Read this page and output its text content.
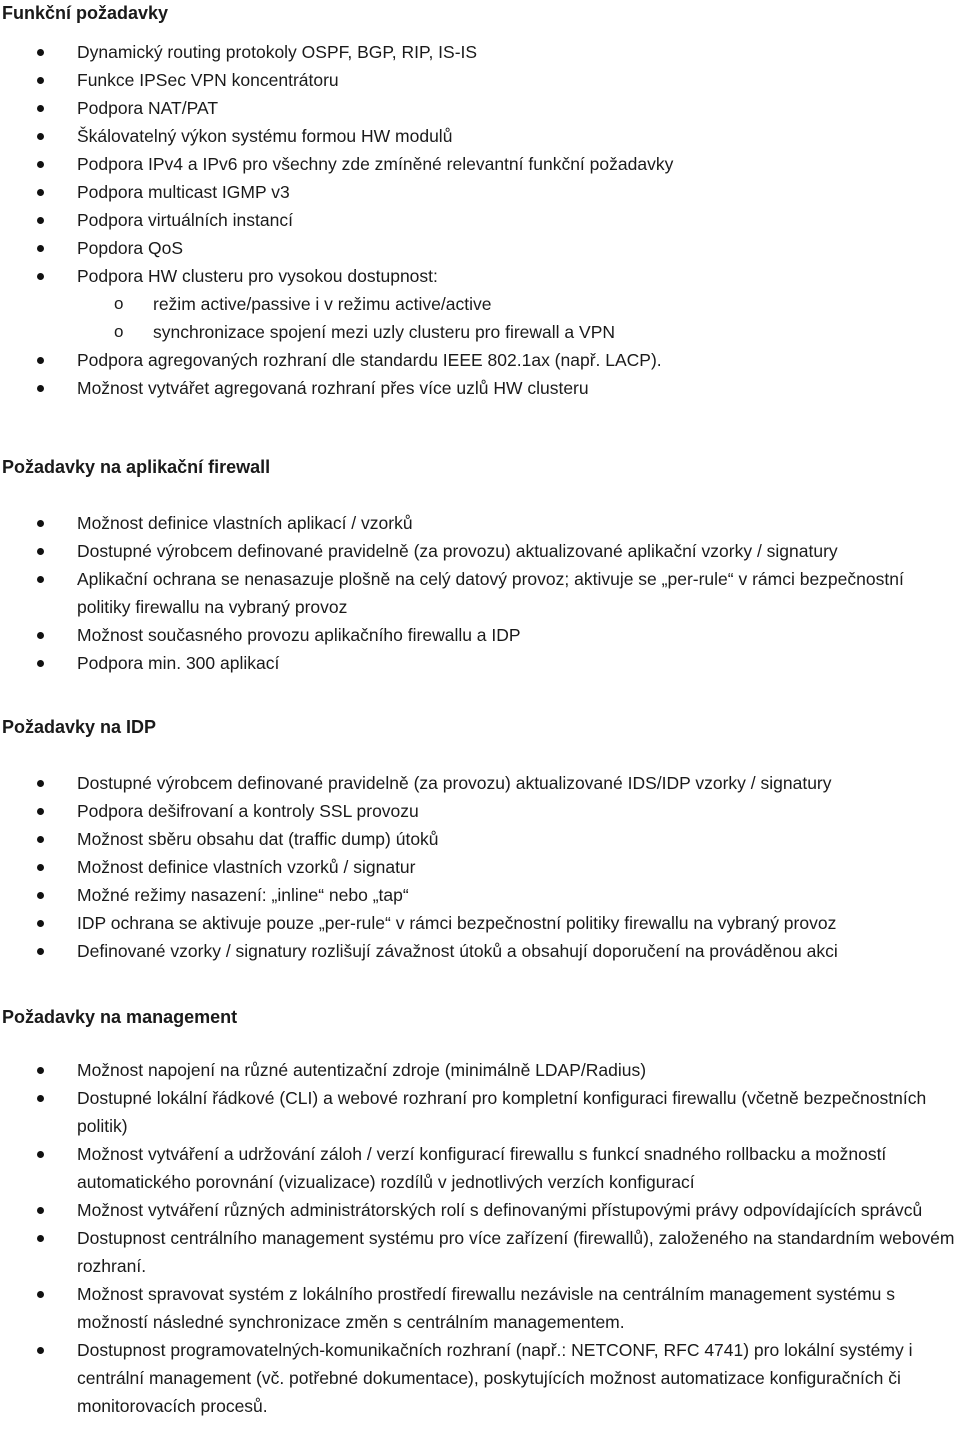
Funkční požadavky
Dynamický routing protokoly OSPF, BGP, RIP, IS-IS
Funkce IPSec VPN koncentrátoru
Podpora NAT/PAT
Škálovatelný výkon systému formou HW modulů
Podpora IPv4 a IPv6 pro všechny zde zmíněné relevantní funkční požadavky
Podpora multicast IGMP v3
Podpora virtuálních instancí
Popdora QoS
Podpora HW clusteru pro vysokou dostupnost:
o režim active/passive i v režimu active/active
o synchronizace spojení mezi uzly clusteru pro firewall a VPN
Podpora agregovaných rozhraní dle standardu IEEE 802.1ax (např. LACP).
Možnost vytvářet agregovaná rozhraní přes více uzlů HW clusteru
Požadavky na aplikační firewall
Možnost definice vlastních aplikací / vzorků
Dostupné výrobcem definované pravidelně (za provozu) aktualizované aplikační vzorky / signatury
Aplikační ochrana se nenasazuje plošně na celý datový provoz; aktivuje se „per-rule“ v rámci bezpečnostní politiky firewallu na vybraný provoz
Možnost současného provozu aplikačního firewallu a IDP
Podpora min. 300 aplikací
Požadavky na IDP
Dostupné výrobcem definované pravidelně (za provozu) aktualizované IDS/IDP vzorky / signatury
Podpora dešifrovaní a kontroly SSL provozu
Možnost sběru obsahu dat (traffic dump) útoků
Možnost definice vlastních vzorků / signatur
Možné režimy nasazení: „inline“ nebo „tap“
IDP ochrana se aktivuje pouze „per-rule“ v rámci bezpečnostní politiky firewallu na vybraný provoz
Definované vzorky / signatury rozlišují závažnost útoků a obsahují doporučení na prováděnou akci
Požadavky na management
Možnost napojení na různé autentizační zdroje (minimálně LDAP/Radius)
Dostupné lokální řádkové (CLI) a webové rozhraní pro kompletní konfiguraci firewallu (včetně bezpečnostních politik)
Možnost vytváření a udržování záloh / verzí konfigurací firewallu s funkcí snadného rollbacku a možností automatického porovnání (vizualizace) rozdílů v jednotlivých verzích konfigurací
Možnost vytváření různých administrátorských rolí s definovanými přístupovými právy odpovídajících správců
Dostupnost centrálního management systému pro více zařízení (firewallů), založeného na standardním webovém rozhraní.
Možnost spravovat systém z lokálního prostředí firewallu nezávisle na centrálním management systému s možností následné synchronizace změn s centrálním managementem.
Dostupnost programovatelných-komunikačních rozhraní (např.: NETCONF, RFC 4741) pro lokální systémy i centrální management (vč. potřebné dokumentace), poskytujících možnost automatizace konfiguračních či monitorovacích procesů.
